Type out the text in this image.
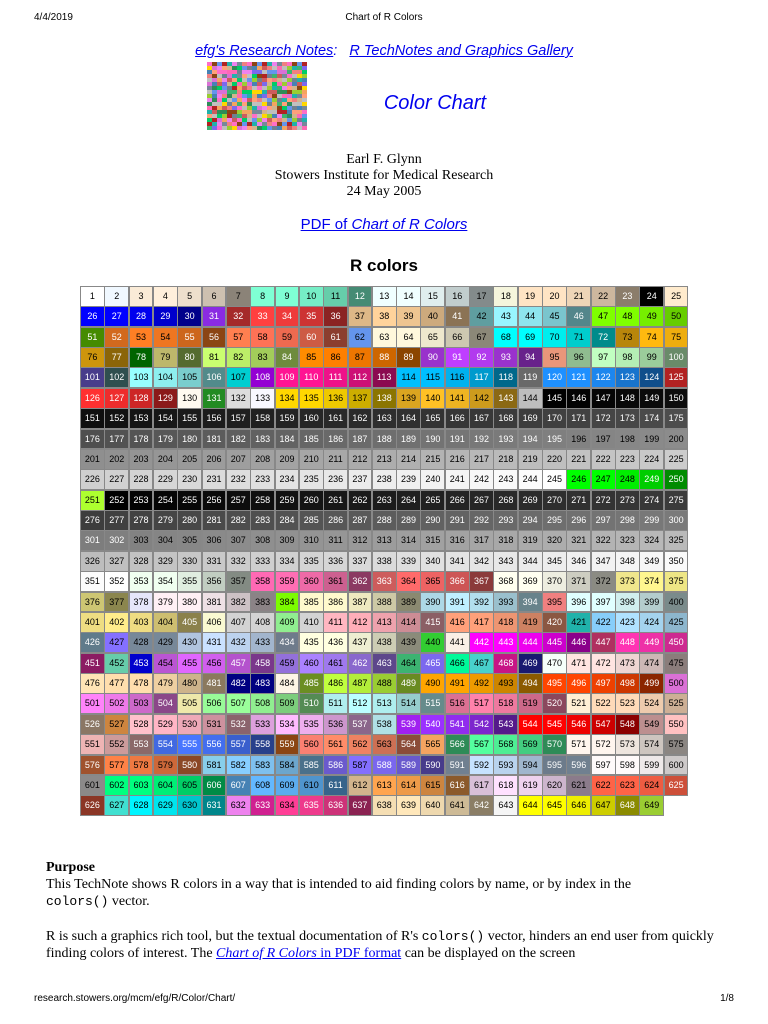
4/4/2019	Chart of R Colors
efg's Research Notes: R TechNotes and Graphics Gallery
Color Chart
Earl F. Glynn
Stowers Institute for Medical Research
24 May 2005
PDF of Chart of R Colors
R colors
1	2	3	4	5	6	7	8	9	10	11	12	13	14	15	16	17	18	19	20	21	22	23	24	25
26	27	28	29	30	31	32	33	34	35	36	37	38	39	40	41	42	43	44	45	46	47	48	49	50
51	52	53	54	55	56	57	58	59	60	61	62	63	64	65	66	67	68	69	70	71	72	73	74	75
76	77	78	79	80	81	82	83	84	85	86	87	88	89	90	91	92	93	94	95	96	97	98	99	100
101	102	103	104	105	106	107	108	109	110	111	112	113	114	115	116	117	118	119	120	121	122	123	124	125
126	127	128	129	130	131	132	133	134	135	136	137	138	139	140	141	142	143	144	145	146	147	148	149	150
151	152	153	154	155	156	157	158	159	160	161	162	163	164	165	166	167	168	169	170	171	172	173	174	175
176	177	178	179	180	181	182	183	184	185	186	187	188	189	190	191	192	193	194	195	196	197	198	199	200
201	202	203	204	205	206	207	208	209	210	211	212	213	214	215	216	217	218	219	220	221	222	223	224	225
226	227	228	229	230	231	232	233	234	235	236	237	238	239	240	241	242	243	244	245	246	247	248	249	250
251	252	253	254	255	256	257	258	259	260	261	262	263	264	265	266	267	268	269	270	271	272	273	274	275
276	277	278	279	280	281	282	283	284	285	286	287	288	289	290	291	292	293	294	295	296	297	298	299	300
301	302	303	304	305	306	307	308	309	310	311	312	313	314	315	316	317	318	319	320	321	322	323	324	325
326	327	328	329	330	331	332	333	334	335	336	337	338	339	340	341	342	343	344	345	346	347	348	349	350
351	352	353	354	355	356	357	358	359	360	361	362	363	364	365	366	367	368	369	370	371	372	373	374	375
376	377	378	379	380	381	382	383	384	385	386	387	388	389	390	391	392	393	394	395	396	397	398	399	400
401	402	403	404	405	406	407	408	409	410	411	412	413	414	415	416	417	418	419	420	421	422	423	424	425
426	427	428	429	430	431	432	433	434	435	436	437	438	439	440	441	442	443	444	445	446	447	448	449	450
451	452	453	454	455	456	457	458	459	460	461	462	463	464	465	466	467	468	469	470	471	472	473	474	475
476	477	478	479	480	481	482	483	484	485	486	487	488	489	490	491	492	493	494	495	496	497	498	499	500
501	502	503	504	505	506	507	508	509	510	511	512	513	514	515	516	517	518	519	520	521	522	523	524	525
526	527	528	529	530	531	532	533	534	535	536	537	538	539	540	541	542	543	544	545	546	547	548	549	550
551	552	553	554	555	556	557	558	559	560	561	562	563	564	565	566	567	568	569	570	571	572	573	574	575
576	577	578	579	580	581	582	583	584	585	586	587	588	589	590	591	592	593	594	595	596	597	598	599	600
601	602	603	604	605	606	607	608	609	610	611	612	613	614	615	616	617	618	619	620	621	622	623	624	625
626	627	628	629	630	631	632	633	634	635	636	637	638	639	640	641	642	643	644	645	646	647	648	649
Purpose
This TechNote shows R colors in a way that is intended to aid finding colors by name, or by index in the
colors() vector.
R is such a graphics rich tool, but the textual documentation of R's colors() vector, hinders an end user from quickly finding colors of interest. The Chart of R Colors in PDF format can be displayed on the screen
research.stowers.org/mcm/efg/R/Color/Chart/	1/8
